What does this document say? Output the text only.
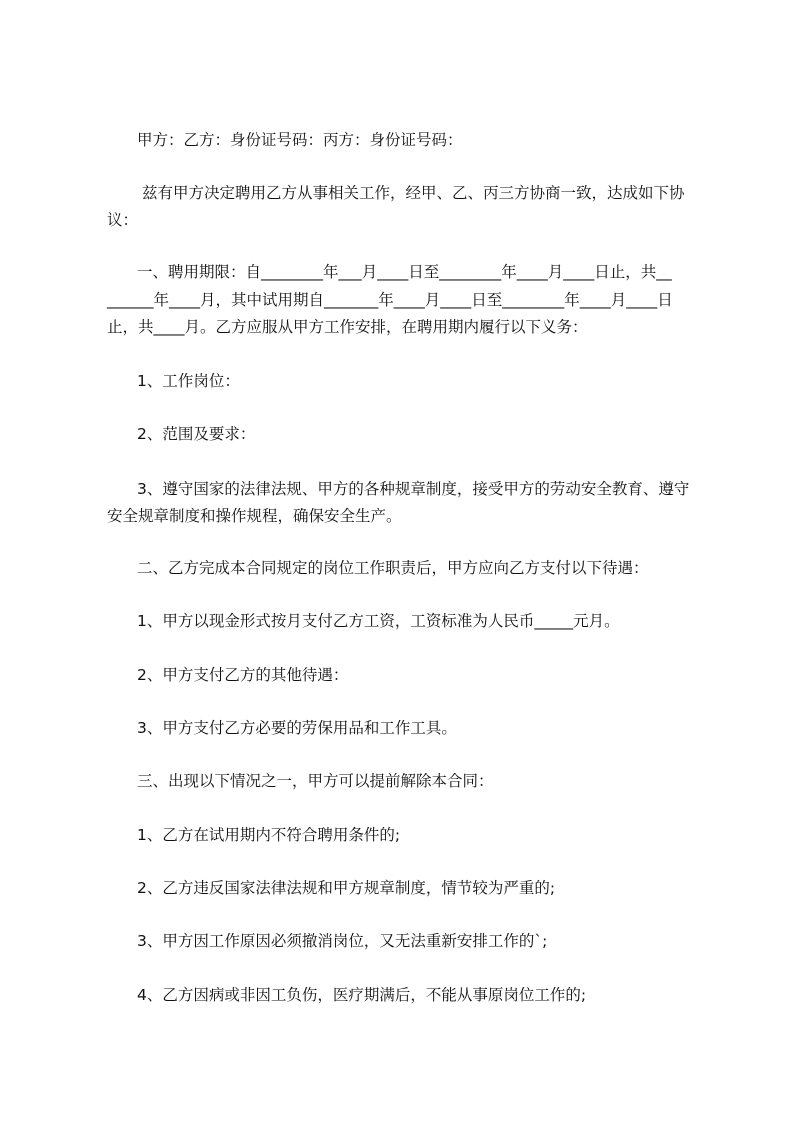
甲方：乙方：身份证号码：丙方：身份证号码：
兹有甲方决定聘用乙方从事相关工作，经甲、乙、丙三方协商一致，达成如下协
议：
一、聘用期限：自________年___月____日至________年____月____日止，共__
______年____月，其中试用期自_______年____月____日至________年____月____日
止，共____月。乙方应服从甲方工作安排，在聘用期内履行以下义务：
1、工作岗位：
2、范围及要求：
3、遵守国家的法律法规、甲方的各种规章制度，接受甲方的劳动安全教育、遵守
安全规章制度和操作规程，确保安全生产。
二、乙方完成本合同规定的岗位工作职责后，甲方应向乙方支付以下待遇：
1、甲方以现金形式按月支付乙方工资，工资标准为人民币_____元月。
2、甲方支付乙方的其他待遇：
3、甲方支付乙方必要的劳保用品和工作工具。
三、出现以下情况之一，甲方可以提前解除本合同：
1、乙方在试用期内不符合聘用条件的;
2、乙方违反国家法律法规和甲方规章制度，情节较为严重的;
3、甲方因工作原因必须撤消岗位，又无法重新安排工作的`;
4、乙方因病或非因工负伤，医疗期满后，不能从事原岗位工作的;
